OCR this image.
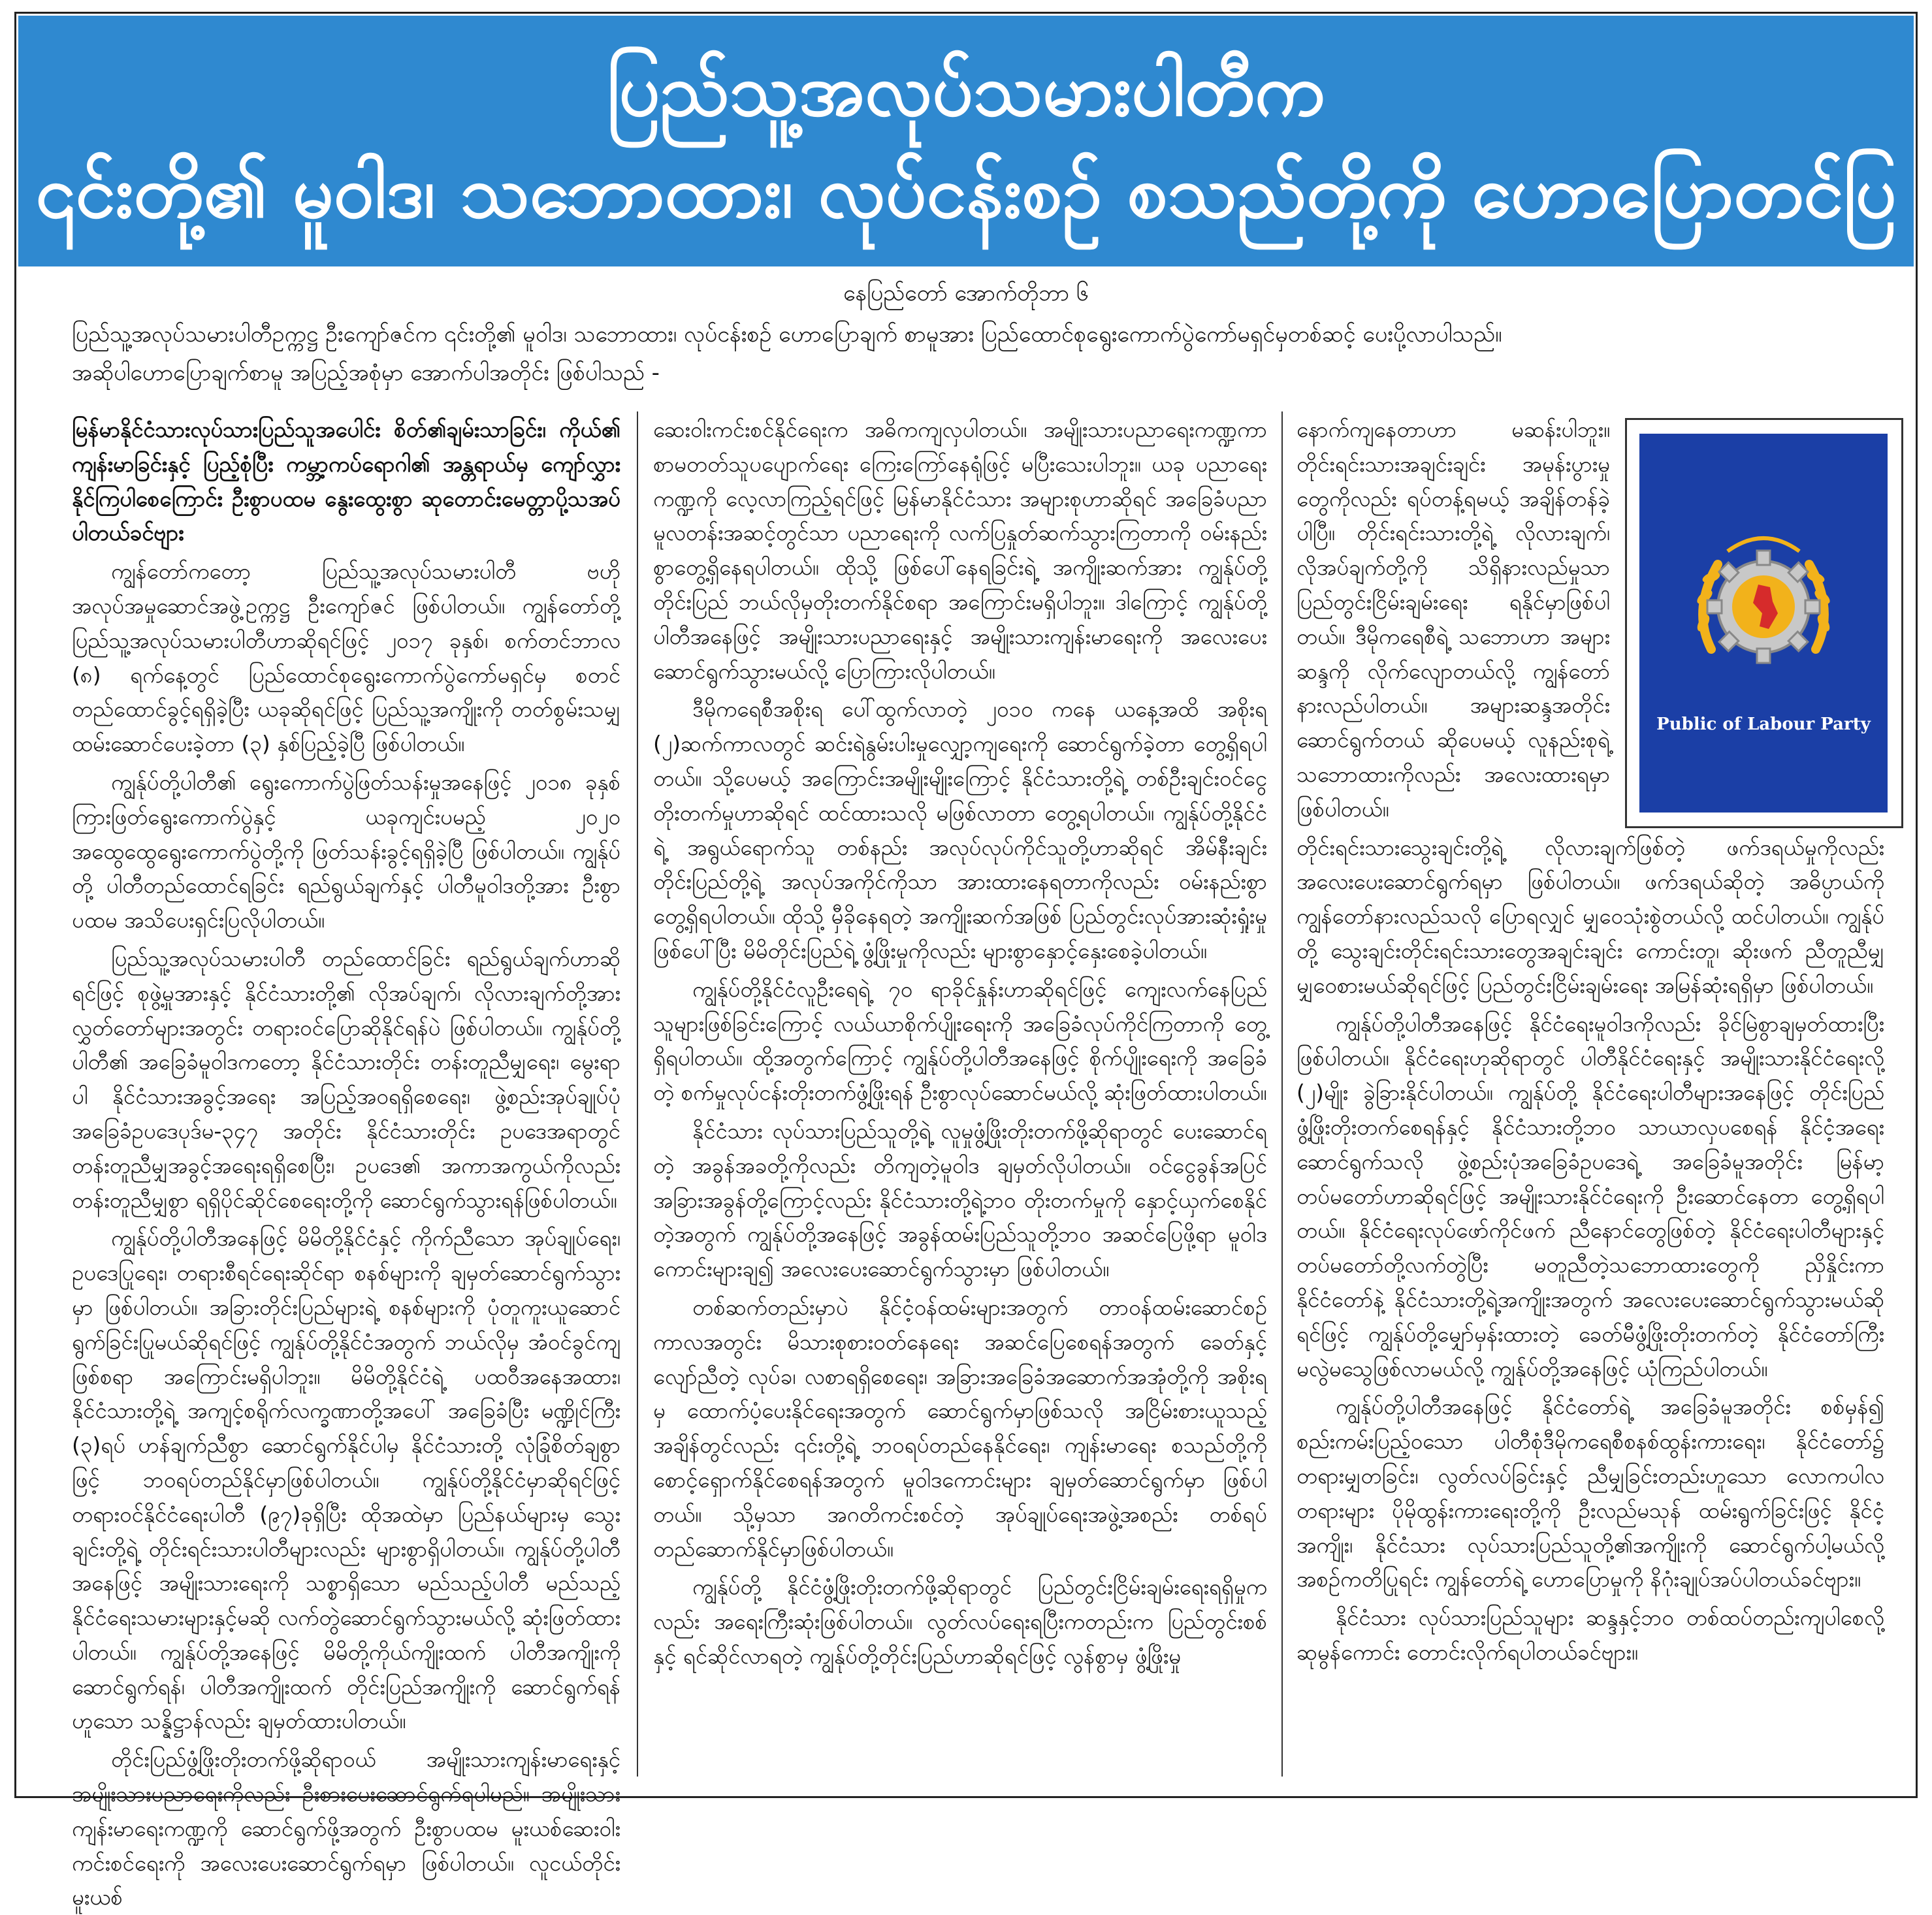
ပြည်သူ့အလုပ်သမားပါတီက
၎င်းတို့၏ မူဝါဒ၊ သဘောထား၊ လုပ်ငန်းစဉ် စသည်တို့ကို ဟောပြောတင်ပြ
နေပြည်တော် အောက်တိုဘာ ၆

ပြည်သူ့အလုပ်သမားပါတီဥက္ကဋ္ဌ ဦးကျော်ဇင်က ၎င်းတို့၏ မူဝါဒ၊ သဘောထား၊ လုပ်ငန်းစဉ် ဟောပြောချက် စာမူအား ပြည်ထောင်စုရွေးကောက်ပွဲကော်မရှင်မှတစ်ဆင့် ပေးပို့လာပါသည်။

အဆိုပါဟောပြောချက်စာမူ အပြည့်အစုံမှာ အောက်ပါအတိုင်း ဖြစ်ပါသည် -

မြန်မာနိုင်ငံသားလုပ်သားပြည်သူအပေါင်း စိတ်၏ချမ်းသာခြင်း၊ ကိုယ်၏ ကျန်းမာခြင်းနှင့် ပြည့်စုံပြီး ကမ္ဘာ့ကပ်ရောဂါ၏ အန္တရာယ်မှ ကျော်လွှားနိုင်ကြပါစေကြောင်း ဦးစွာပထမ နွေးထွေးစွာ ဆုတောင်းမေတ္တာပို့သအပ်ပါတယ်ခင်ဗျား

ကျွန်တော်ကတော့ ပြည်သူ့အလုပ်သမားပါတီ ဗဟိုအလုပ်အမှုဆောင်အဖွဲ့ဥက္ကဋ္ဌ ဦးကျော်ဇင် ဖြစ်ပါတယ်။ ကျွန်တော်တို့ ပြည်သူ့အလုပ်သမားပါတီဟာဆိုရင်ဖြင့် ၂၀၁၇ ခုနှစ်၊ စက်တင်ဘာလ (၈) ရက်နေ့တွင် ပြည်ထောင်စုရွေးကောက်ပွဲကော်မရှင်မှ စတင်တည်ထောင်ခွင့်ရရှိခဲ့ပြီး ယခုဆိုရင်ဖြင့် ပြည်သူ့အကျိုးကို တတ်စွမ်းသမျှ ထမ်းဆောင်ပေးခဲ့တာ (၃) နှစ်ပြည့်ခဲ့ပြီ ဖြစ်ပါတယ်။

ကျွန်ုပ်တို့ပါတီ၏ ရွေးကောက်ပွဲဖြတ်သန်းမှုအနေဖြင့် ၂၀၁၈ ခုနှစ်ကြားဖြတ်ရွေးကောက်ပွဲနှင့် ယခုကျင်းပမည့် ၂၀၂၀ အထွေထွေရွေးကောက်ပွဲတို့ကို ဖြတ်သန်းခွင့်ရရှိခဲ့ပြီ ဖြစ်ပါတယ်။ ကျွန်ုပ်တို့ ပါတီတည်ထောင်ရခြင်း ရည်ရွယ်ချက်နှင့် ပါတီမူဝါဒတို့အား ဦးစွာပထမ အသိပေးရှင်းပြလိုပါတယ်။

ပြည်သူ့အလုပ်သမားပါတီ တည်ထောင်ခြင်း ရည်ရွယ်ချက်ဟာဆိုရင်ဖြင့် စုဖွဲ့မှုအားနှင့် နိုင်ငံသားတို့၏ လိုအပ်ချက်၊ လိုလားချက်တို့အား လွှတ်တော်များအတွင်း တရားဝင်ပြောဆိုနိုင်ရန်ပဲ ဖြစ်ပါတယ်။ ကျွန်ုပ်တို့ပါတီ၏ အခြေခံမူဝါဒကတော့ နိုင်ငံသားတိုင်း တန်းတူညီမျှရေး၊ မွေးရာပါ နိုင်ငံသားအခွင့်အရေး အပြည့်အဝရရှိစေရေး၊ ဖွဲ့စည်းအုပ်ချုပ်ပုံ အခြေခံဥပဒေပုဒ်မ-၃၄၇ အတိုင်း နိုင်ငံသားတိုင်း ဥပဒေအရာတွင် တန်းတူညီမျှအခွင့်အရေးရရှိစေပြီး၊ ဥပဒေ၏ အကာအကွယ်ကိုလည်း တန်းတူညီမျှစွာ ရရှိပိုင်ဆိုင်စေရေးတို့ကို ဆောင်ရွက်သွားရန်ဖြစ်ပါတယ်။

ကျွန်ုပ်တို့ပါတီအနေဖြင့် မိမိတို့နိုင်ငံနှင့် ကိုက်ညီသော အုပ်ချုပ်ရေး၊ ဥပဒေပြုရေး၊ တရားစီရင်ရေးဆိုင်ရာ စနစ်များကို ချမှတ်ဆောင်ရွက်သွားမှာ ဖြစ်ပါတယ်။ အခြားတိုင်းပြည်များရဲ့ စနစ်များကို ပုံတူကူးယူဆောင်ရွက်ခြင်းပြုမယ်ဆိုရင်ဖြင့် ကျွန်ုပ်တို့နိုင်ငံအတွက် ဘယ်လိုမှ အံဝင်ခွင်ကျဖြစ်စရာ အကြောင်းမရှိပါဘူး။ မိမိတို့နိုင်ငံရဲ့ ပထဝီအနေအထား၊ နိုင်ငံသားတို့ရဲ့ အကျင့်စရိုက်လက္ခဏာတို့အပေါ် အခြေခံပြီး မဏ္ဍိုင်ကြီး (၃)ရပ် ဟန်ချက်ညီစွာ ဆောင်ရွက်နိုင်ပါမှ နိုင်ငံသားတို့ လုံခြုံစိတ်ချစွာဖြင့် ဘဝရပ်တည်နိုင်မှာဖြစ်ပါတယ်။ ကျွန်ုပ်တို့နိုင်ငံမှာဆိုရင်ဖြင့် တရားဝင်နိုင်ငံရေးပါတီ (၉၇)ခုရှိပြီး ထိုအထဲမှာ ပြည်နယ်များမှ သွေးချင်းတို့ရဲ့ တိုင်းရင်းသားပါတီများလည်း များစွာရှိပါတယ်။ ကျွန်ုပ်တို့ပါတီအနေဖြင့် အမျိုးသားရေးကို သစ္စာရှိသော မည်သည့်ပါတီ မည်သည့်နိုင်ငံရေးသမားများနှင့်မဆို လက်တွဲဆောင်ရွက်သွားမယ်လို့ ဆုံးဖြတ်ထားပါတယ်။ ကျွန်ုပ်တို့အနေဖြင့် မိမိတို့ကိုယ်ကျိုးထက် ပါတီအကျိုးကို ဆောင်ရွက်ရန်၊ ပါတီအကျိုးထက် တိုင်းပြည်အကျိုးကို ဆောင်ရွက်ရန်ဟူသော သန္နိဋ္ဌာန်လည်း ချမှတ်ထားပါတယ်။

တိုင်းပြည်ဖွံ့ဖြိုးတိုးတက်ဖို့ဆိုရာဝယ် အမျိုးသားကျန်းမာရေးနှင့် အမျိုးသားပညာရေးကိုလည်း ဦးစားပေးဆောင်ရွက်ရပါမည်။ အမျိုးသားကျန်းမာရေးကဏ္ဍကို ဆောင်ရွက်ဖို့အတွက် ဦးစွာပထမ မူးယစ်ဆေးဝါး ကင်းစင်ရေးကို အလေးပေးဆောင်ရွက်ရမှာ ဖြစ်ပါတယ်။ လူငယ်တိုင်း မူးယစ်

ဆေးဝါးကင်းစင်နိုင်ရေးက အဓိကကျလှပါတယ်။ အမျိုးသားပညာရေးကဏ္ဍကာ စာမတတ်သူပပျောက်ရေး ကြေးကြော်နေရုံဖြင့် မပြီးသေးပါဘူး။ ယခု ပညာရေးကဏ္ဍကို လေ့လာကြည့်ရင်ဖြင့် မြန်မာနိုင်ငံသား အများစုဟာဆိုရင် အခြေခံပညာမူလတန်းအဆင့်တွင်သာ ပညာရေးကို လက်ပြနှုတ်ဆက်သွားကြတာကို ဝမ်းနည်းစွာတွေ့ရှိနေရပါတယ်။ ထိုသို့ ဖြစ်ပေါ်နေရခြင်းရဲ့ အကျိုးဆက်အား ကျွန်ုပ်တို့တိုင်းပြည် ဘယ်လိုမှတိုးတက်နိုင်စရာ အကြောင်းမရှိပါဘူး။ ဒါကြောင့် ကျွန်ုပ်တို့ပါတီအနေဖြင့် အမျိုးသားပညာရေးနှင့် အမျိုးသားကျန်းမာရေးကို အလေးပေးဆောင်ရွက်သွားမယ်လို့ ပြောကြားလိုပါတယ်။

ဒီမိုကရေစီအစိုးရ ပေါ်ထွက်လာတဲ့ ၂၀၁၀ ကနေ ယနေ့အထိ အစိုးရ (၂)ဆက်ကာလတွင် ဆင်းရဲနွမ်းပါးမှုလျှော့ကျရေးကို ဆောင်ရွက်ခဲ့တာ တွေ့ရှိရပါတယ်။ သို့ပေမယ့် အကြောင်းအမျိုးမျိုးကြောင့် နိုင်ငံသားတို့ရဲ့ တစ်ဦးချင်းဝင်ငွေတိုးတက်မှုဟာဆိုရင် ထင်ထားသလို မဖြစ်လာတာ တွေ့ရပါတယ်။ ကျွန်ုပ်တို့နိုင်ငံရဲ့ အရွယ်ရောက်သူ တစ်နည်း အလုပ်လုပ်ကိုင်သူတို့ဟာဆိုရင် အိမ်နီးချင်းတိုင်းပြည်တို့ရဲ့ အလုပ်အကိုင်ကိုသာ အားထားနေရတာကိုလည်း ဝမ်းနည်းစွာ တွေ့ရှိရပါတယ်။ ထိုသို့ မှီခိုနေရတဲ့ အကျိုးဆက်အဖြစ် ပြည်တွင်းလုပ်အားဆုံးရှုံးမှုဖြစ်ပေါ်ပြီး မိမိတိုင်းပြည်ရဲ့ ဖွံ့ဖြိုးမှုကိုလည်း များစွာနှောင့်နှေးစေခဲ့ပါတယ်။

ကျွန်ုပ်တို့နိုင်ငံလူဦးရေရဲ့ ၇၀ ရာခိုင်နှုန်းဟာဆိုရင်ဖြင့် ကျေးလက်နေပြည်သူများဖြစ်ခြင်းကြောင့် လယ်ယာစိုက်ပျိုးရေးကို အခြေခံလုပ်ကိုင်ကြတာကို တွေ့ရှိရပါတယ်။ ထို့အတွက်ကြောင့် ကျွန်ုပ်တို့ပါတီအနေဖြင့် စိုက်ပျိုးရေးကို အခြေခံတဲ့ စက်မှုလုပ်ငန်းတိုးတက်ဖွံ့ဖြိုးရန် ဦးစွာလုပ်ဆောင်မယ်လို့ ဆုံးဖြတ်ထားပါတယ်။

နိုင်ငံသား လုပ်သားပြည်သူတို့ရဲ့ လူမှုဖွံ့ဖြိုးတိုးတက်ဖို့ဆိုရာတွင် ပေးဆောင်ရတဲ့ အခွန်အခတို့ကိုလည်း တိကျတဲ့မူဝါဒ ချမှတ်လိုပါတယ်။ ဝင်ငွေခွန်အပြင် အခြားအခွန်တို့ကြောင့်လည်း နိုင်ငံသားတို့ရဲ့ဘဝ တိုးတက်မှုကို နှောင့်ယှက်စေနိုင်တဲ့အတွက် ကျွန်ုပ်တို့အနေဖြင့် အခွန်ထမ်းပြည်သူတို့ဘဝ အဆင်ပြေဖို့ရာ မူဝါဒကောင်းများချ၍ အလေးပေးဆောင်ရွက်သွားမှာ ဖြစ်ပါတယ်။

တစ်ဆက်တည်းမှာပဲ နိုင်ငံ့ဝန်ထမ်းများအတွက် တာဝန်ထမ်းဆောင်စဉ် ကာလအတွင်း မိသားစုစားဝတ်နေရေး အဆင်ပြေစေရန်အတွက် ခေတ်နှင့်လျော်ညီတဲ့ လုပ်ခ၊ လစာရရှိစေရေး၊ အခြားအခြေခံအဆောက်အအုံတို့ကို အစိုးရမှ ထောက်ပံ့ပေးနိုင်ရေးအတွက် ဆောင်ရွက်မှာဖြစ်သလို အငြိမ်းစားယူသည့်အချိန်တွင်လည်း ၎င်းတို့ရဲ့ ဘဝရပ်တည်နေနိုင်ရေး၊ ကျန်းမာရေး စသည်တို့ကို စောင့်ရှောက်နိုင်စေရန်အတွက် မူဝါဒကောင်းများ ချမှတ်ဆောင်ရွက်မှာ ဖြစ်ပါတယ်။ သို့မှသာ အဂတိကင်းစင်တဲ့ အုပ်ချုပ်ရေးအဖွဲ့အစည်း တစ်ရပ် တည်ဆောက်နိုင်မှာဖြစ်ပါတယ်။

ကျွန်ုပ်တို့ နိုင်ငံဖွံ့ဖြိုးတိုးတက်ဖို့ဆိုရာတွင် ပြည်တွင်းငြိမ်းချမ်းရေးရရှိမှုကလည်း အရေးကြီးဆုံးဖြစ်ပါတယ်။ လွတ်လပ်ရေးရပြီးကတည်းက ပြည်တွင်းစစ်နှင့် ရင်ဆိုင်လာရတဲ့ ကျွန်ုပ်တို့တိုင်းပြည်ဟာဆိုရင်ဖြင့် လွန်စွာမှ ဖွံ့ဖြိုးမှု

နောက်ကျနေတာဟာ မဆန်းပါဘူး။ တိုင်းရင်းသားအချင်းချင်း အမုန်းပွားမှုတွေကိုလည်း ရပ်တန့်ရမယ့် အချိန်တန်ခဲ့ပါပြီ။ တိုင်းရင်းသားတို့ရဲ့ လိုလားချက်၊ လိုအပ်ချက်တို့ကို သိရှိနားလည်မှုသာ ပြည်တွင်းငြိမ်းချမ်းရေး ရနိုင်မှာဖြစ်ပါတယ်။ ဒီမိုကရေစီရဲ့ သဘောဟာ အများဆန္ဒကို လိုက်လျောတယ်လို့ ကျွန်တော်နားလည်ပါတယ်။ အများဆန္ဒအတိုင်း ဆောင်ရွက်တယ် ဆိုပေမယ့် လူနည်းစုရဲ့ သဘောထားကိုလည်း အလေးထားရမှာ ဖြစ်ပါတယ်။

တိုင်းရင်းသားသွေးချင်းတို့ရဲ့ လိုလားချက်ဖြစ်တဲ့ ဖက်ဒရယ်မှုကိုလည်း အလေးပေးဆောင်ရွက်ရမှာ ဖြစ်ပါတယ်။ ဖက်ဒရယ်ဆိုတဲ့ အဓိပ္ပာယ်ကို ကျွန်တော်နားလည်သလို ပြောရလျှင် မျှဝေသုံးစွဲတယ်လို့ ထင်ပါတယ်။ ကျွန်ုပ်တို့ သွေးချင်းတိုင်းရင်းသားတွေအချင်းချင်း ကောင်းတူ၊ ဆိုးဖက် ညီတူညီမျှ မျှဝေစားမယ်ဆိုရင်ဖြင့် ပြည်တွင်းငြိမ်းချမ်းရေး အမြန်ဆုံးရရှိမှာ ဖြစ်ပါတယ်။

ကျွန်ုပ်တို့ပါတီအနေဖြင့် နိုင်ငံရေးမူဝါဒကိုလည်း ခိုင်မြဲစွာချမှတ်ထားပြီး ဖြစ်ပါတယ်။ နိုင်ငံရေးဟုဆိုရာတွင် ပါတီနိုင်ငံရေးနှင့် အမျိုးသားနိုင်ငံရေးလို့ (၂)မျိုး ခွဲခြားနိုင်ပါတယ်။ ကျွန်ုပ်တို့ နိုင်ငံရေးပါတီများအနေဖြင့် တိုင်းပြည်ဖွံ့ဖြိုးတိုးတက်စေရန်နှင့် နိုင်ငံသားတို့ဘဝ သာယာလှပစေရန် နိုင်ငံ့အရေးဆောင်ရွက်သလို ဖွဲ့စည်းပုံအခြေခံဥပဒေရဲ့ အခြေခံမူအတိုင်း မြန်မာ့တပ်မတော်ဟာဆိုရင်ဖြင့် အမျိုးသားနိုင်ငံရေးကို ဦးဆောင်နေတာ တွေ့ရှိရပါတယ်။ နိုင်ငံရေးလုပ်ဖော်ကိုင်ဖက် ညီနောင်တွေဖြစ်တဲ့ နိုင်ငံရေးပါတီများနှင့် တပ်မတော်တို့လက်တွဲပြီး မတူညီတဲ့သဘောထားတွေကို ညှိနှိုင်းကာ နိုင်ငံတော်နဲ့ နိုင်ငံသားတို့ရဲ့အကျိုးအတွက် အလေးပေးဆောင်ရွက်သွားမယ်ဆိုရင်ဖြင့် ကျွန်ုပ်တို့မျှော်မှန်းထားတဲ့ ခေတ်မီဖွံ့ဖြိုးတိုးတက်တဲ့ နိုင်ငံတော်ကြီး မလွဲမသွေဖြစ်လာမယ်လို့ ကျွန်ုပ်တို့အနေဖြင့် ယုံကြည်ပါတယ်။

ကျွန်ုပ်တို့ပါတီအနေဖြင့် နိုင်ငံတော်ရဲ့ အခြေခံမူအတိုင်း စစ်မှန်၍ စည်းကမ်းပြည့်ဝသော ပါတီစုံဒီမိုကရေစီစနစ်ထွန်းကားရေး၊ နိုင်ငံတော်၌ တရားမျှတခြင်း၊ လွတ်လပ်ခြင်းနှင့် ညီမျှခြင်းတည်းဟူသော လောကပါလ တရားများ ပိုမိုထွန်းကားရေးတို့ကို ဦးလည်မသုန် ထမ်းရွက်ခြင်းဖြင့် နိုင်ငံ့အကျိုး၊ နိုင်ငံသား လုပ်သားပြည်သူတို့၏အကျိုးကို ဆောင်ရွက်ပါ့မယ်လို့ အစဉ်ကတိပြုရင်း ကျွန်တော်ရဲ့ ဟောပြောမှုကို နိဂုံးချုပ်အပ်ပါတယ်ခင်ဗျား။

နိုင်ငံသား လုပ်သားပြည်သူများ ဆန္ဒနှင့်ဘဝ တစ်ထပ်တည်းကျပါစေလို့ ဆုမွန်ကောင်း တောင်းလိုက်ရပါတယ်ခင်ဗျား။

Public of Labour Party
